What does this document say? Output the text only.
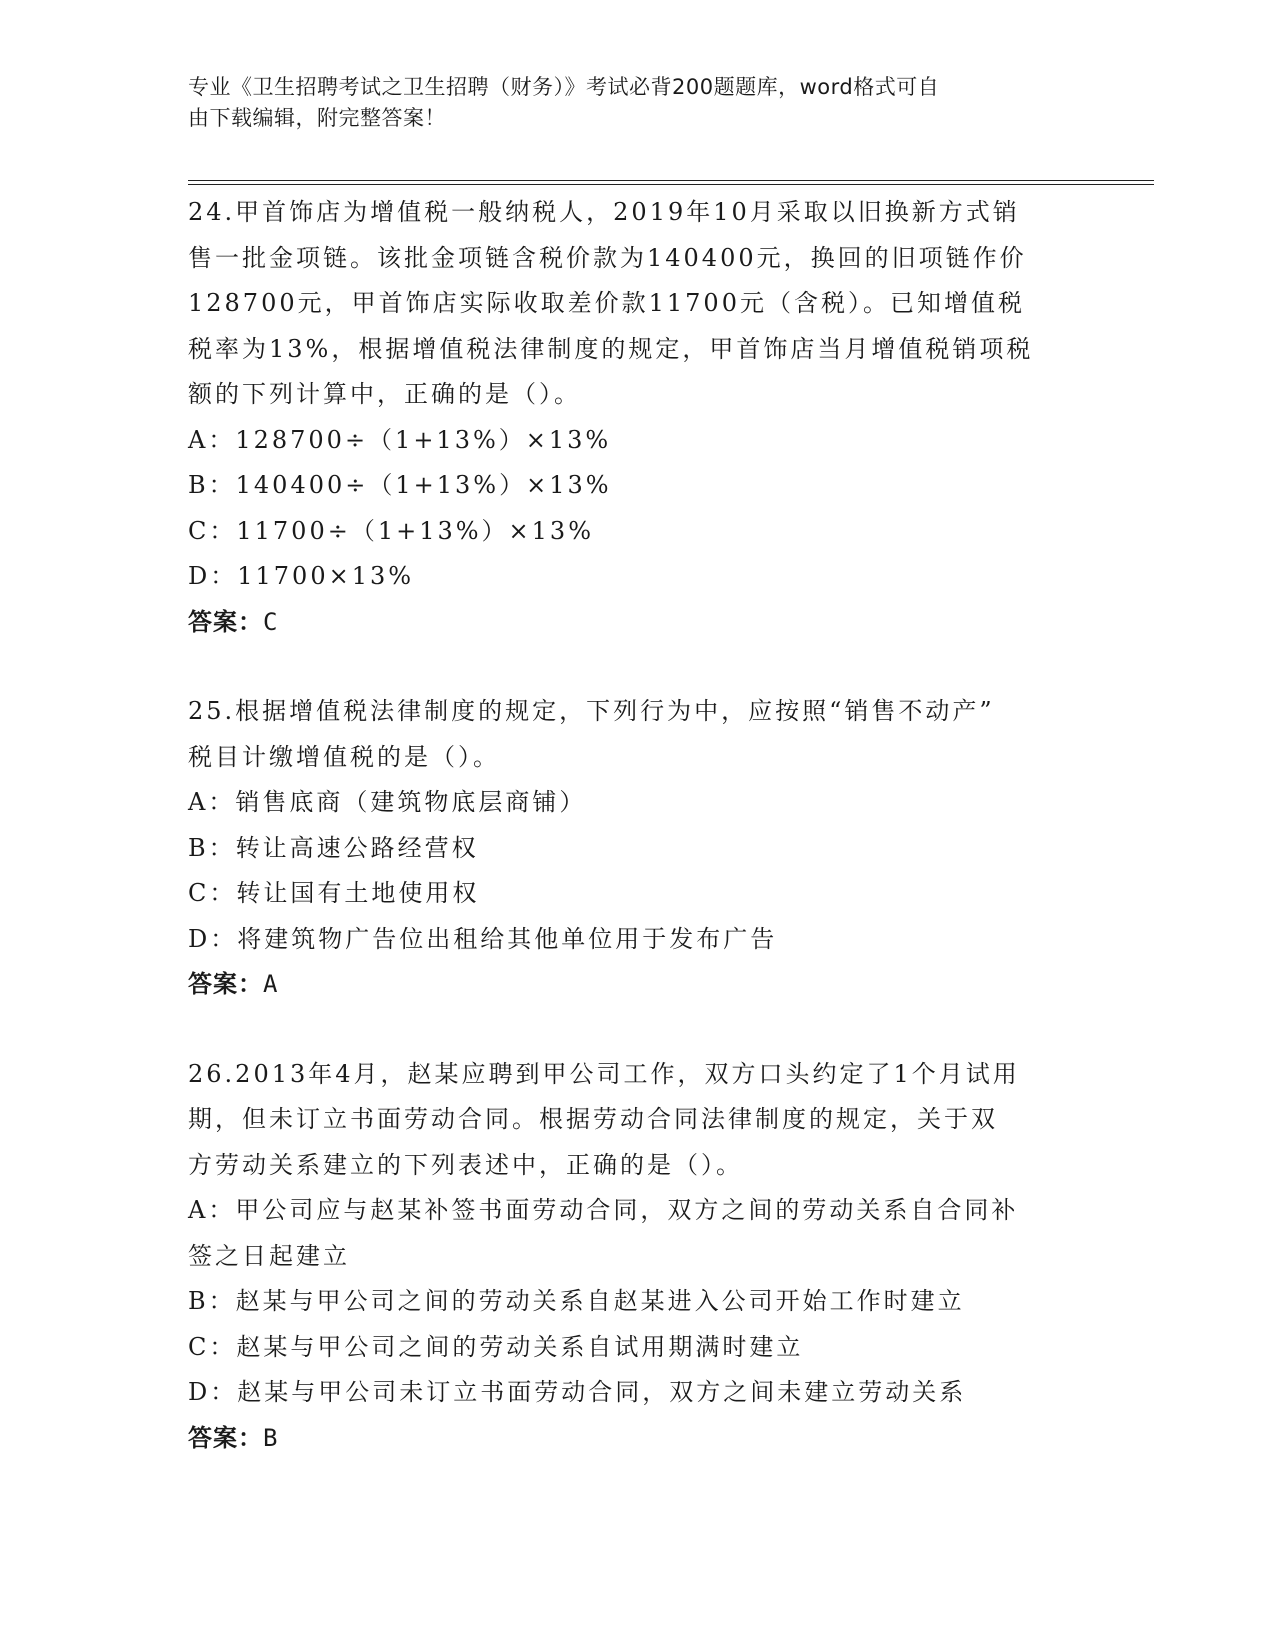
专业《卫生招聘考试之卫生招聘（财务）》考试必背200题题库，word格式可自
由下载编辑，附完整答案！
24.甲首饰店为增值税一般纳税人，2019年10月采取以旧换新方式销
售一批金项链。该批金项链含税价款为140400元，换回的旧项链作价
128700元，甲首饰店实际收取差价款11700元（含税）。已知增值税
税率为13%，根据增值税法律制度的规定，甲首饰店当月增值税销项税
额的下列计算中，正确的是（）。
A：128700÷（1+13%）×13%
B：140400÷（1+13%）×13%
C：11700÷（1+13%）×13%
D：11700×13%
答案：C
25.根据增值税法律制度的规定，下列行为中，应按照“销售不动产”
税目计缴增值税的是（）。
A：销售底商（建筑物底层商铺）
B：转让高速公路经营权
C：转让国有土地使用权
D：将建筑物广告位出租给其他单位用于发布广告
答案：A
26.2013年4月，赵某应聘到甲公司工作，双方口头约定了1个月试用
期，但未订立书面劳动合同。根据劳动合同法律制度的规定，关于双
方劳动关系建立的下列表述中，正确的是（）。
A：甲公司应与赵某补签书面劳动合同，双方之间的劳动关系自合同补
签之日起建立
B：赵某与甲公司之间的劳动关系自赵某进入公司开始工作时建立
C：赵某与甲公司之间的劳动关系自试用期满时建立
D：赵某与甲公司未订立书面劳动合同，双方之间未建立劳动关系
答案：B
